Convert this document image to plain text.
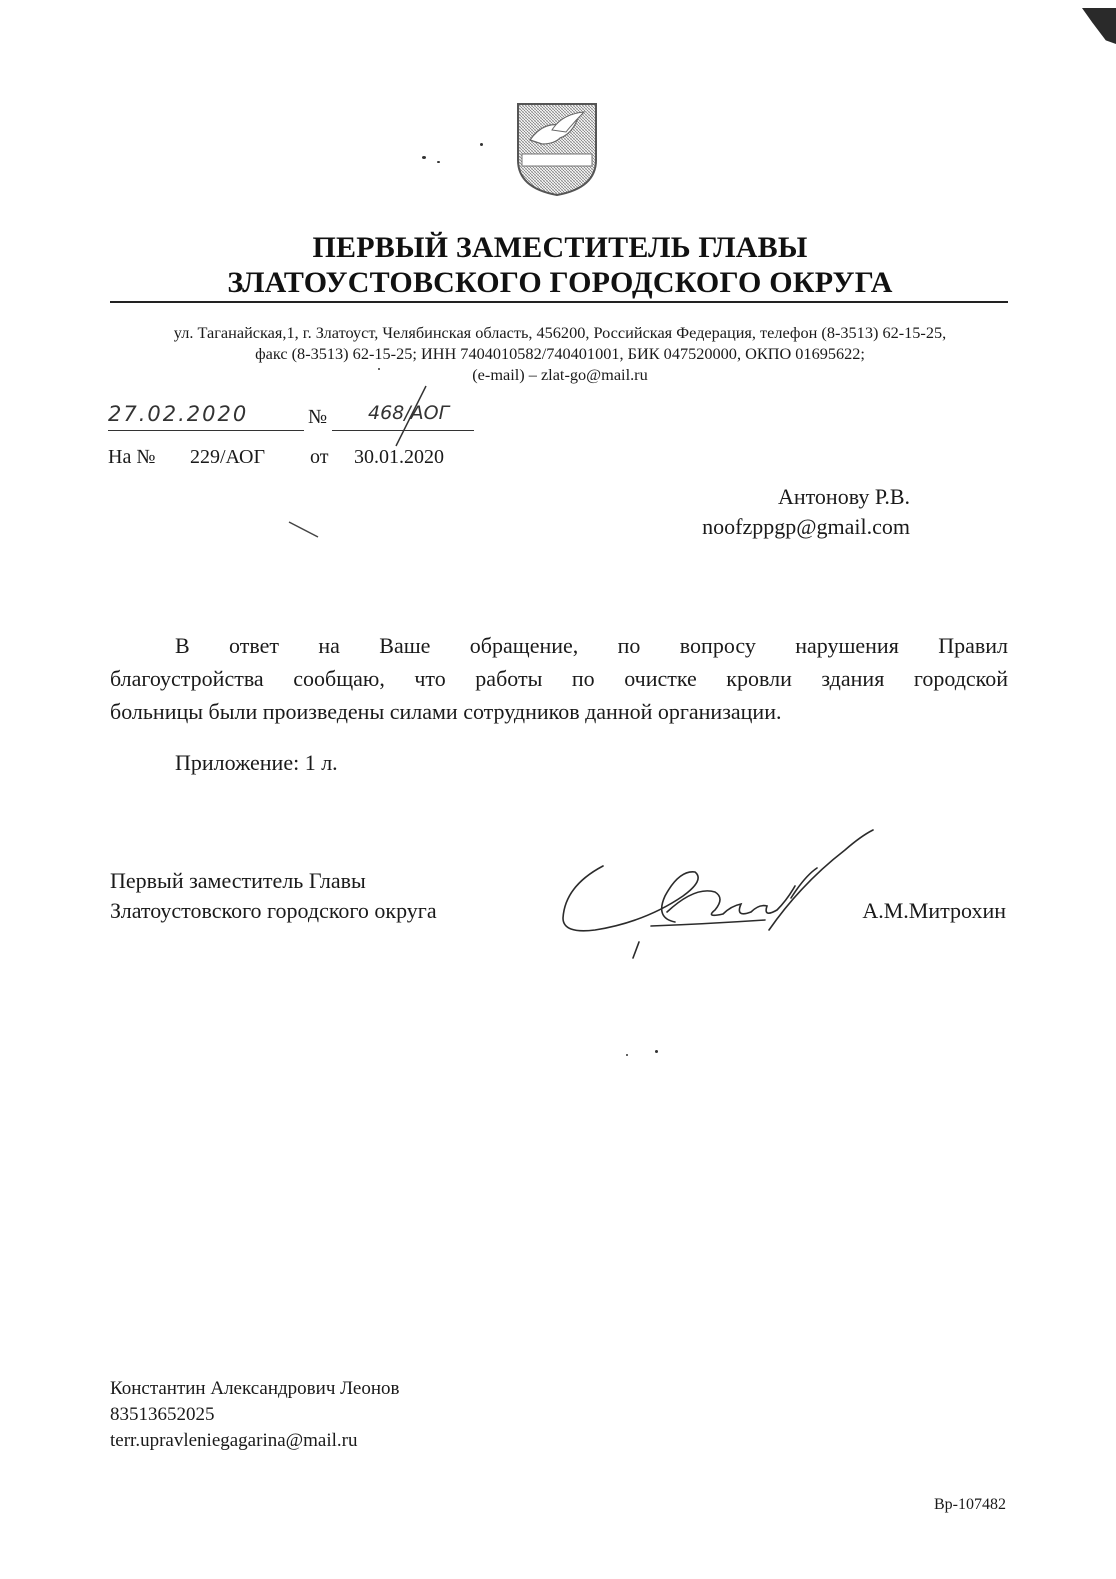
ПЕРВЫЙ ЗАМЕСТИТЕЛЬ ГЛАВЫ
ЗЛАТОУСТОВСКОГО ГОРОДСКОГО ОКРУГА
ул. Таганайская,1, г. Златоуст, Челябинская область, 456200, Российская Федерация, телефон (8-3513) 62-15-25,
факс (8-3513) 62-15-25; ИНН 7404010582/740401001, БИК 047520000, ОКПО 01695622;
(e-mail) – zlat-go@mail.ru
27.02.2020	№ 468/АОГ
На № 229/АОГ от 30.01.2020
Антонову Р.В.
noofzppgp@gmail.com

В ответ на Ваше обращение, по вопросу нарушения Правил

благоустройства сообщаю, что работы по очистке кровли здания городской
больницы были произведены силами сотрудников данной организации.
Приложение: 1 л.
Первый заместитель Главы
Златоустовского городского округа	А.М.Митрохин
Константин Александрович Леонов
83513652025
terr.upravleniegagarina@mail.ru
Вр-107482
